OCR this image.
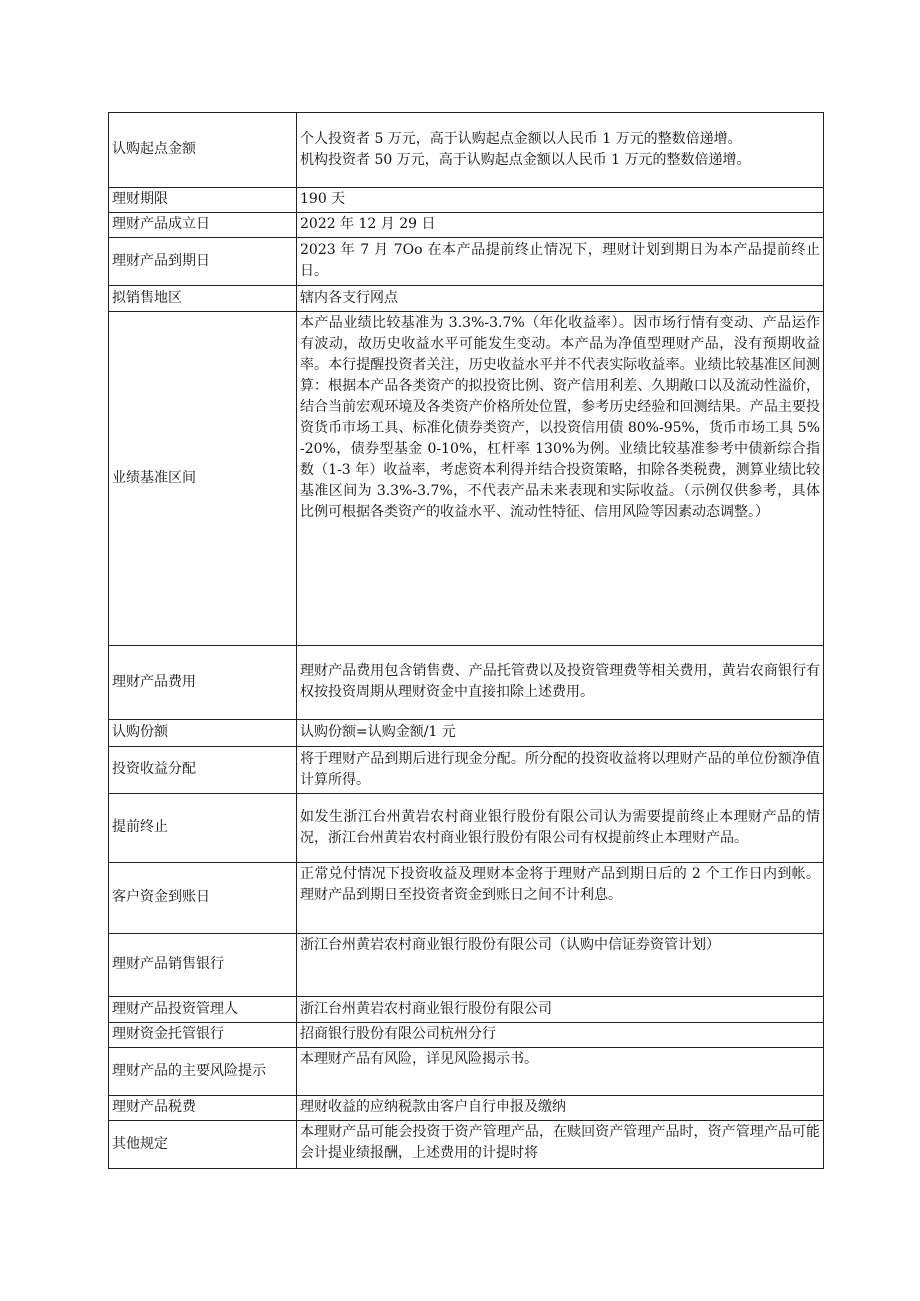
认购起点金额	个人投资者 5 万元，高于认购起点金额以人民币 1 万元的整数倍递增。
机构投资者 50 万元，高于认购起点金额以人民币 1 万元的整数倍递增。

理财期限	190 天
理财产品成立日	2022 年 12 月 29 日
理财产品到期日	2023 年 7 月 7Oo 在本产品提前终止情况下，理财计划到期日为本产品提前终止日。
拟销售地区	辖内各支行网点
业绩基准区间	本产品业绩比较基准为 3.3%-3.7%（年化收益率）。因市场行情有变动、产品运作有波动，故历史收益水平可能发生变动。本产品为净值型理财产品，没有预期收益率。本行提醒投资者关注，历史收益水平并不代表实际收益率。业绩比较基准区间测算：根据本产品各类资产的拟投资比例、资产信用利差、久期敞口以及流动性溢价，结合当前宏观环境及各类资产价格所处位置，参考历史经验和回测结果。产品主要投资货币市场工具、标准化债券类资产，以投资信用债 80%-95%，货币市场工具 5%-20%，债券型基金 0-10%，杠杆率 130%为例。业绩比较基准参考中债新综合指数（1-3 年）收益率，考虑资本利得并结合投资策略，扣除各类税费，测算业绩比较基准区间为 3.3%-3.7%，不代表产品未来表现和实际收益。（示例仅供参考，具体比例可根据各类资产的收益水平、流动性特征、信用风险等因素动态调整。）
理财产品费用	理财产品费用包含销售费、产品托管费以及投资管理费等相关费用，黄岩农商银行有权按投资周期从理财资金中直接扣除上述费用。
认购份额	认购份额=认购金额/1 元
投资收益分配	将于理财产品到期后进行现金分配。所分配的投资收益将以理财产品的单位份额净值计算所得。
提前终止	如发生浙江台州黄岩农村商业银行股份有限公司认为需要提前终止本理财产品的情况，浙江台州黄岩农村商业银行股份有限公司有权提前终止本理财产品。
客户资金到账日	正常兑付情况下投资收益及理财本金将于理财产品到期日后的 2 个工作日内到帐。理财产品到期日至投资者资金到账日之间不计利息。
理财产品销售银行	浙江台州黄岩农村商业银行股份有限公司（认购中信证券资管计划）
理财产品投资管理人	浙江台州黄岩农村商业银行股份有限公司
理财资金托管银行	招商银行股份有限公司杭州分行
理财产品的主要风险提示	本理财产品有风险，详见风险揭示书。
理财产品税费	理财收益的应纳税款由客户自行申报及缴纳
其他规定	本理财产品可能会投资于资产管理产品，在赎回资产管理产品时，资产管理产品可能会计提业绩报酬，上述费用的计提时将
